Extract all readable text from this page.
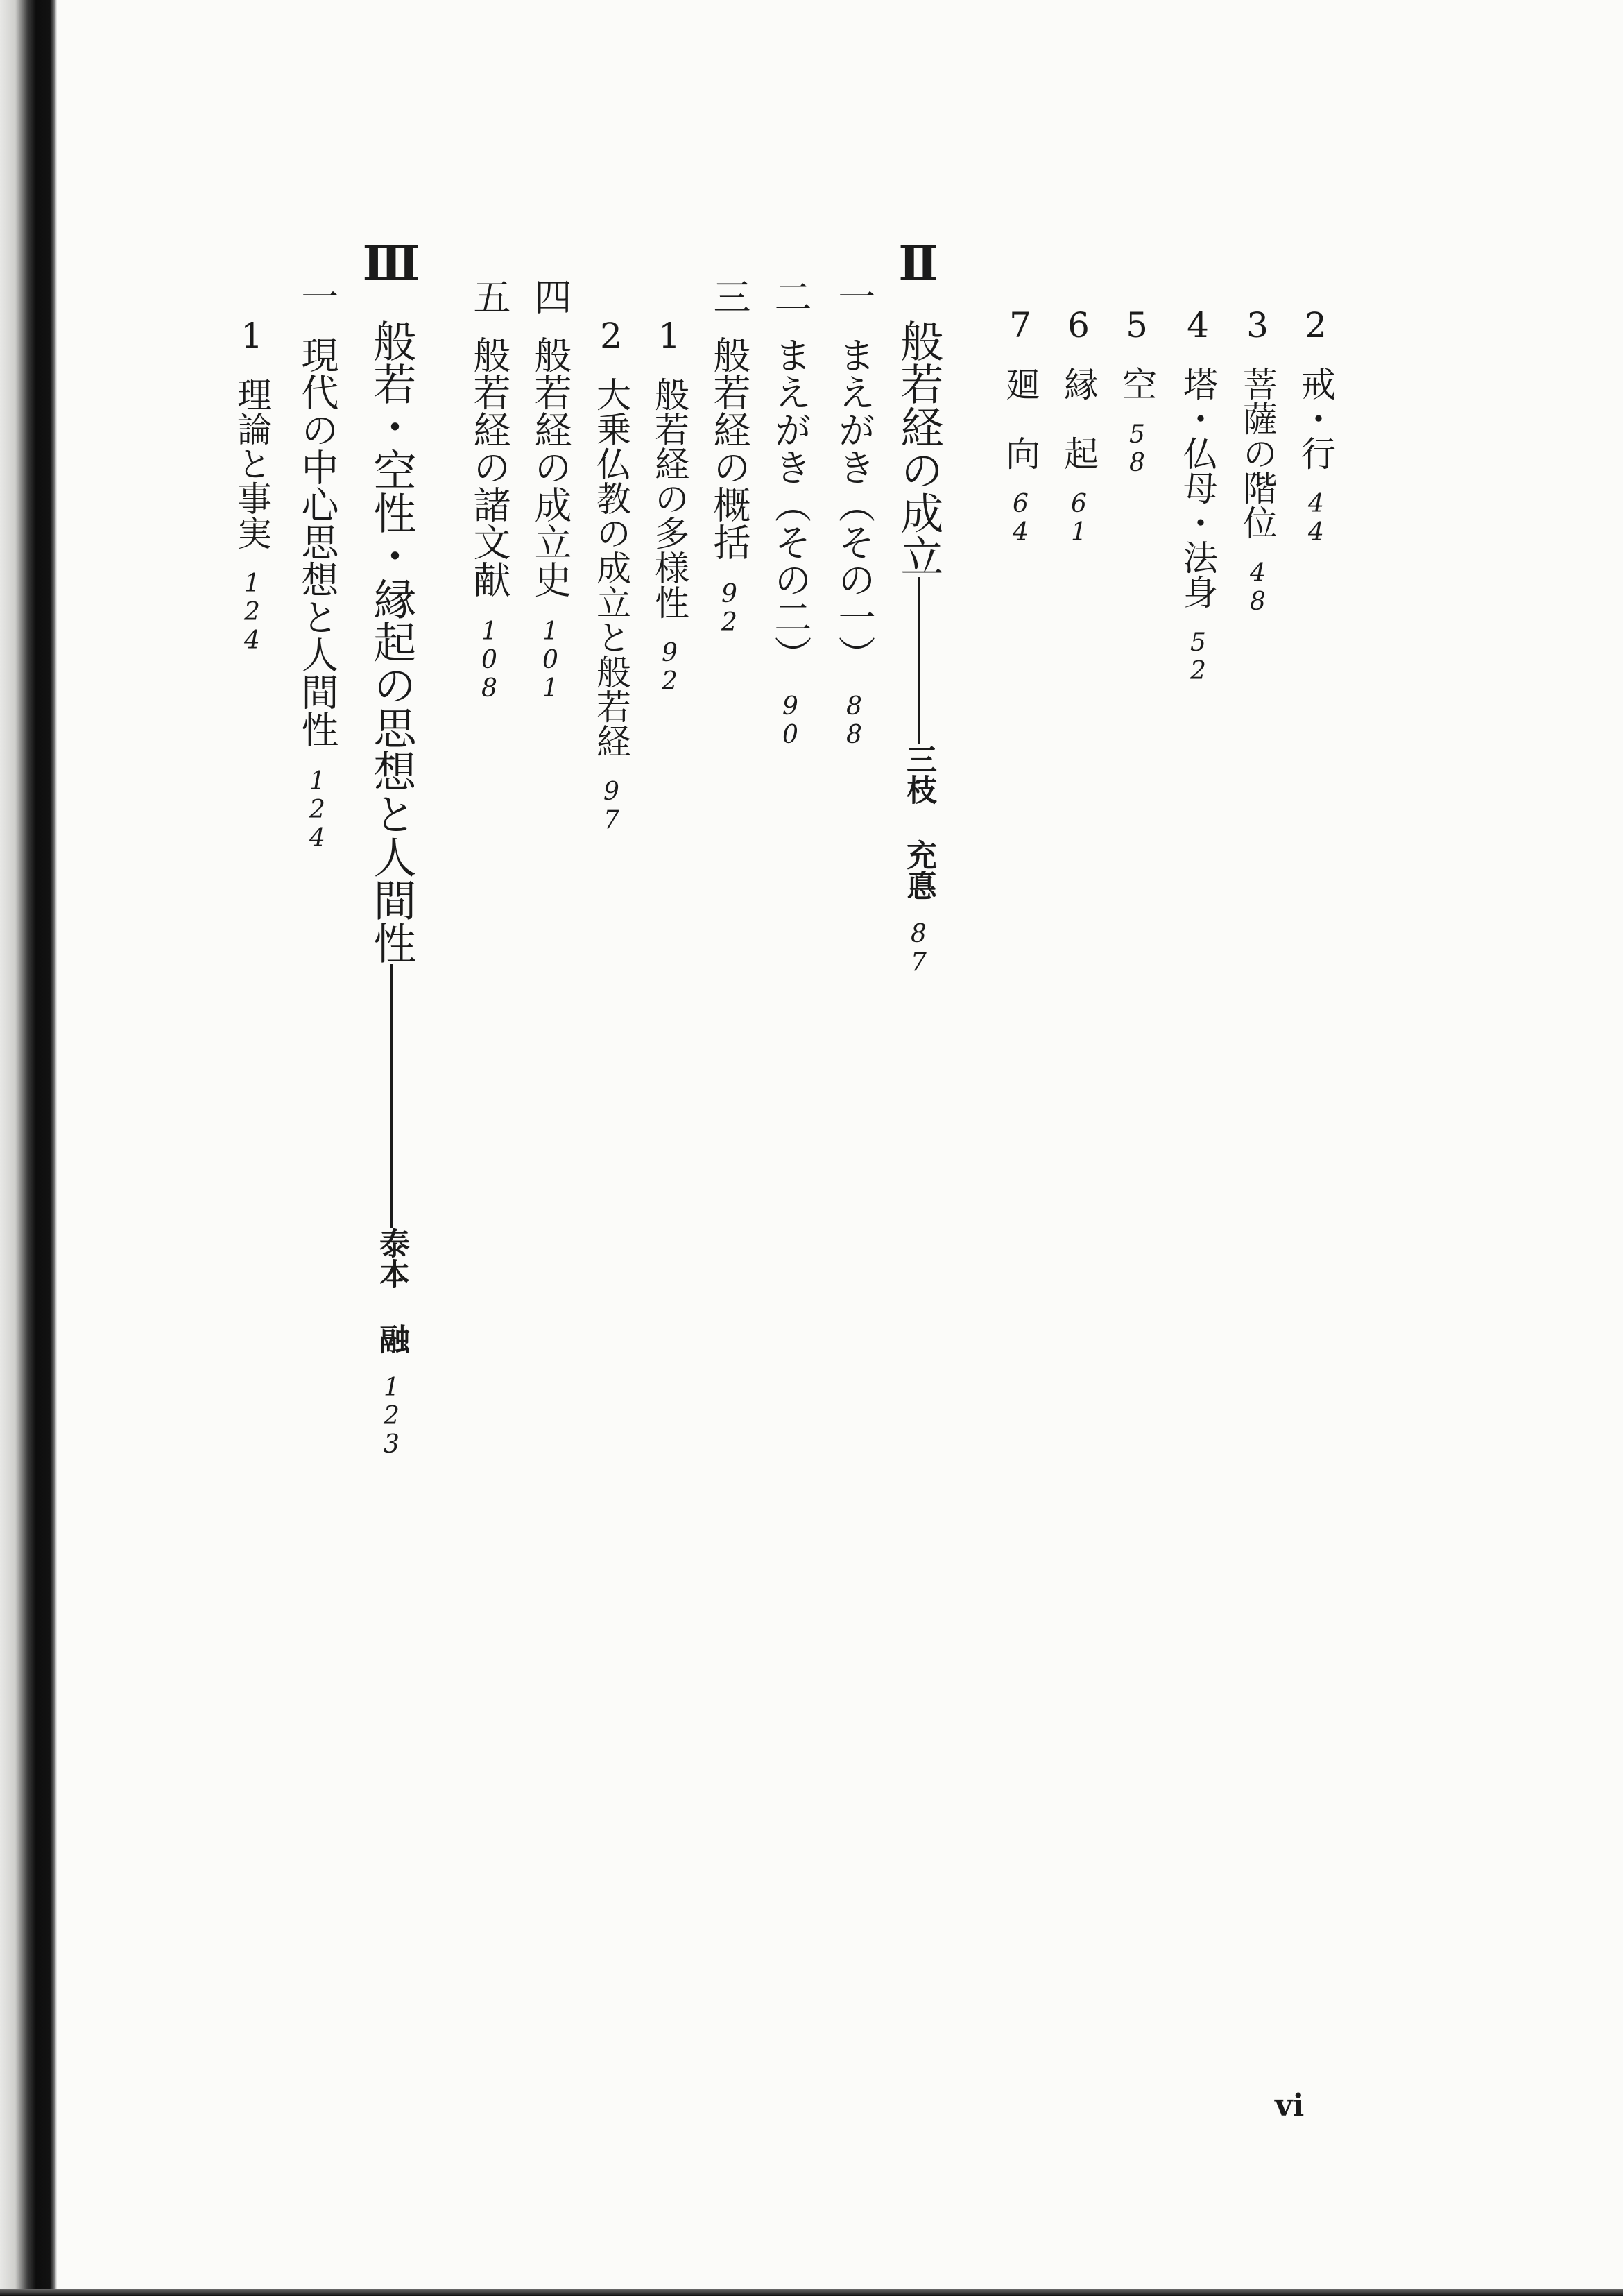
2戒・行44
3菩薩の階位48
4塔・仏母・法身52
5空58
6縁　起61
7廻　向64
Ⅱ般若経の成立三枝充悳87
一まえがき（その一）88
二まえがき（その二）90
三般若経の概括92
1般若経の多様性92
2大乗仏教の成立と般若経97
四般若経の成立史101
五般若経の諸文献108
Ⅲ般若・空性・縁起の思想と人間性泰本融123
一現代の中心思想と人間性124
1理論と事実124
vi
